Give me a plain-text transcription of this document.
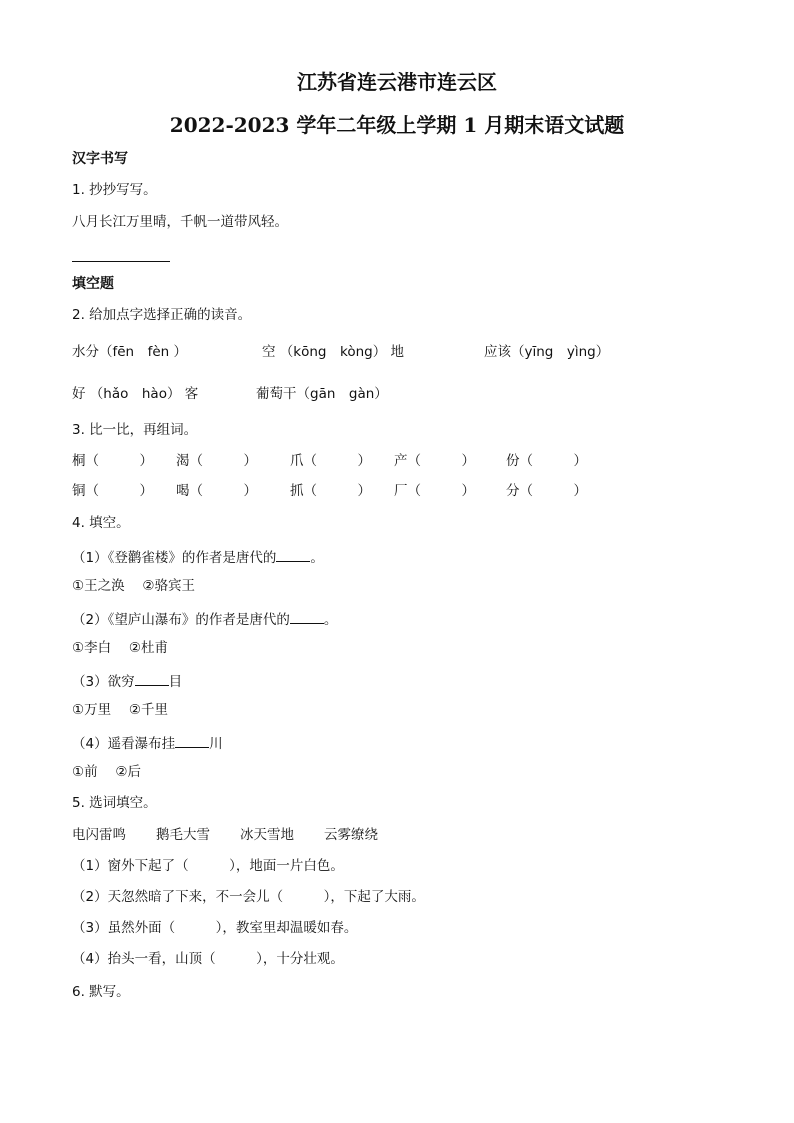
江苏省连云港市连云区
2022-2023 学年二年级上学期 1 月期末语文试题
汉字书写
1. 抄抄写写。
八月长江万里晴，千帆一道带风轻。
填空题
2. 给加点字选择正确的读音。
水分（fēn　fèn ）	空 （kōng　kòng） 地	应该（yīng　yìng）
好 （hǎo　hào） 客	葡萄干（gān　gàn）
3. 比一比，再组词。
桐（　　　） 渴（　　　） 爪（　　　） 产（　　　） 份（　　　）
铜（　　　） 喝（　　　） 抓（　　　） 厂（　　　） 分（　　　）
4. 填空。
（1）《登鹳雀楼》的作者是唐代的	。
①王之涣　 ②骆宾王
（2）《望庐山瀑布》的作者是唐代的	。
①李白　 ②杜甫
（3）欲穷	目
①万里　 ②千里
（4）遥看瀑布挂	川
①前　 ②后
5. 选词填空。
电闪雷鸣 鹅毛大雪 冰天雪地 云雾缭绕
（1）窗外下起了（　　　），地面一片白色。
（2）天忽然暗了下来，不一会儿（　　　），下起了大雨。
（3）虽然外面（　　　），教室里却温暖如春。
（4）抬头一看，山顶（　　　），十分壮观。
6. 默写。
